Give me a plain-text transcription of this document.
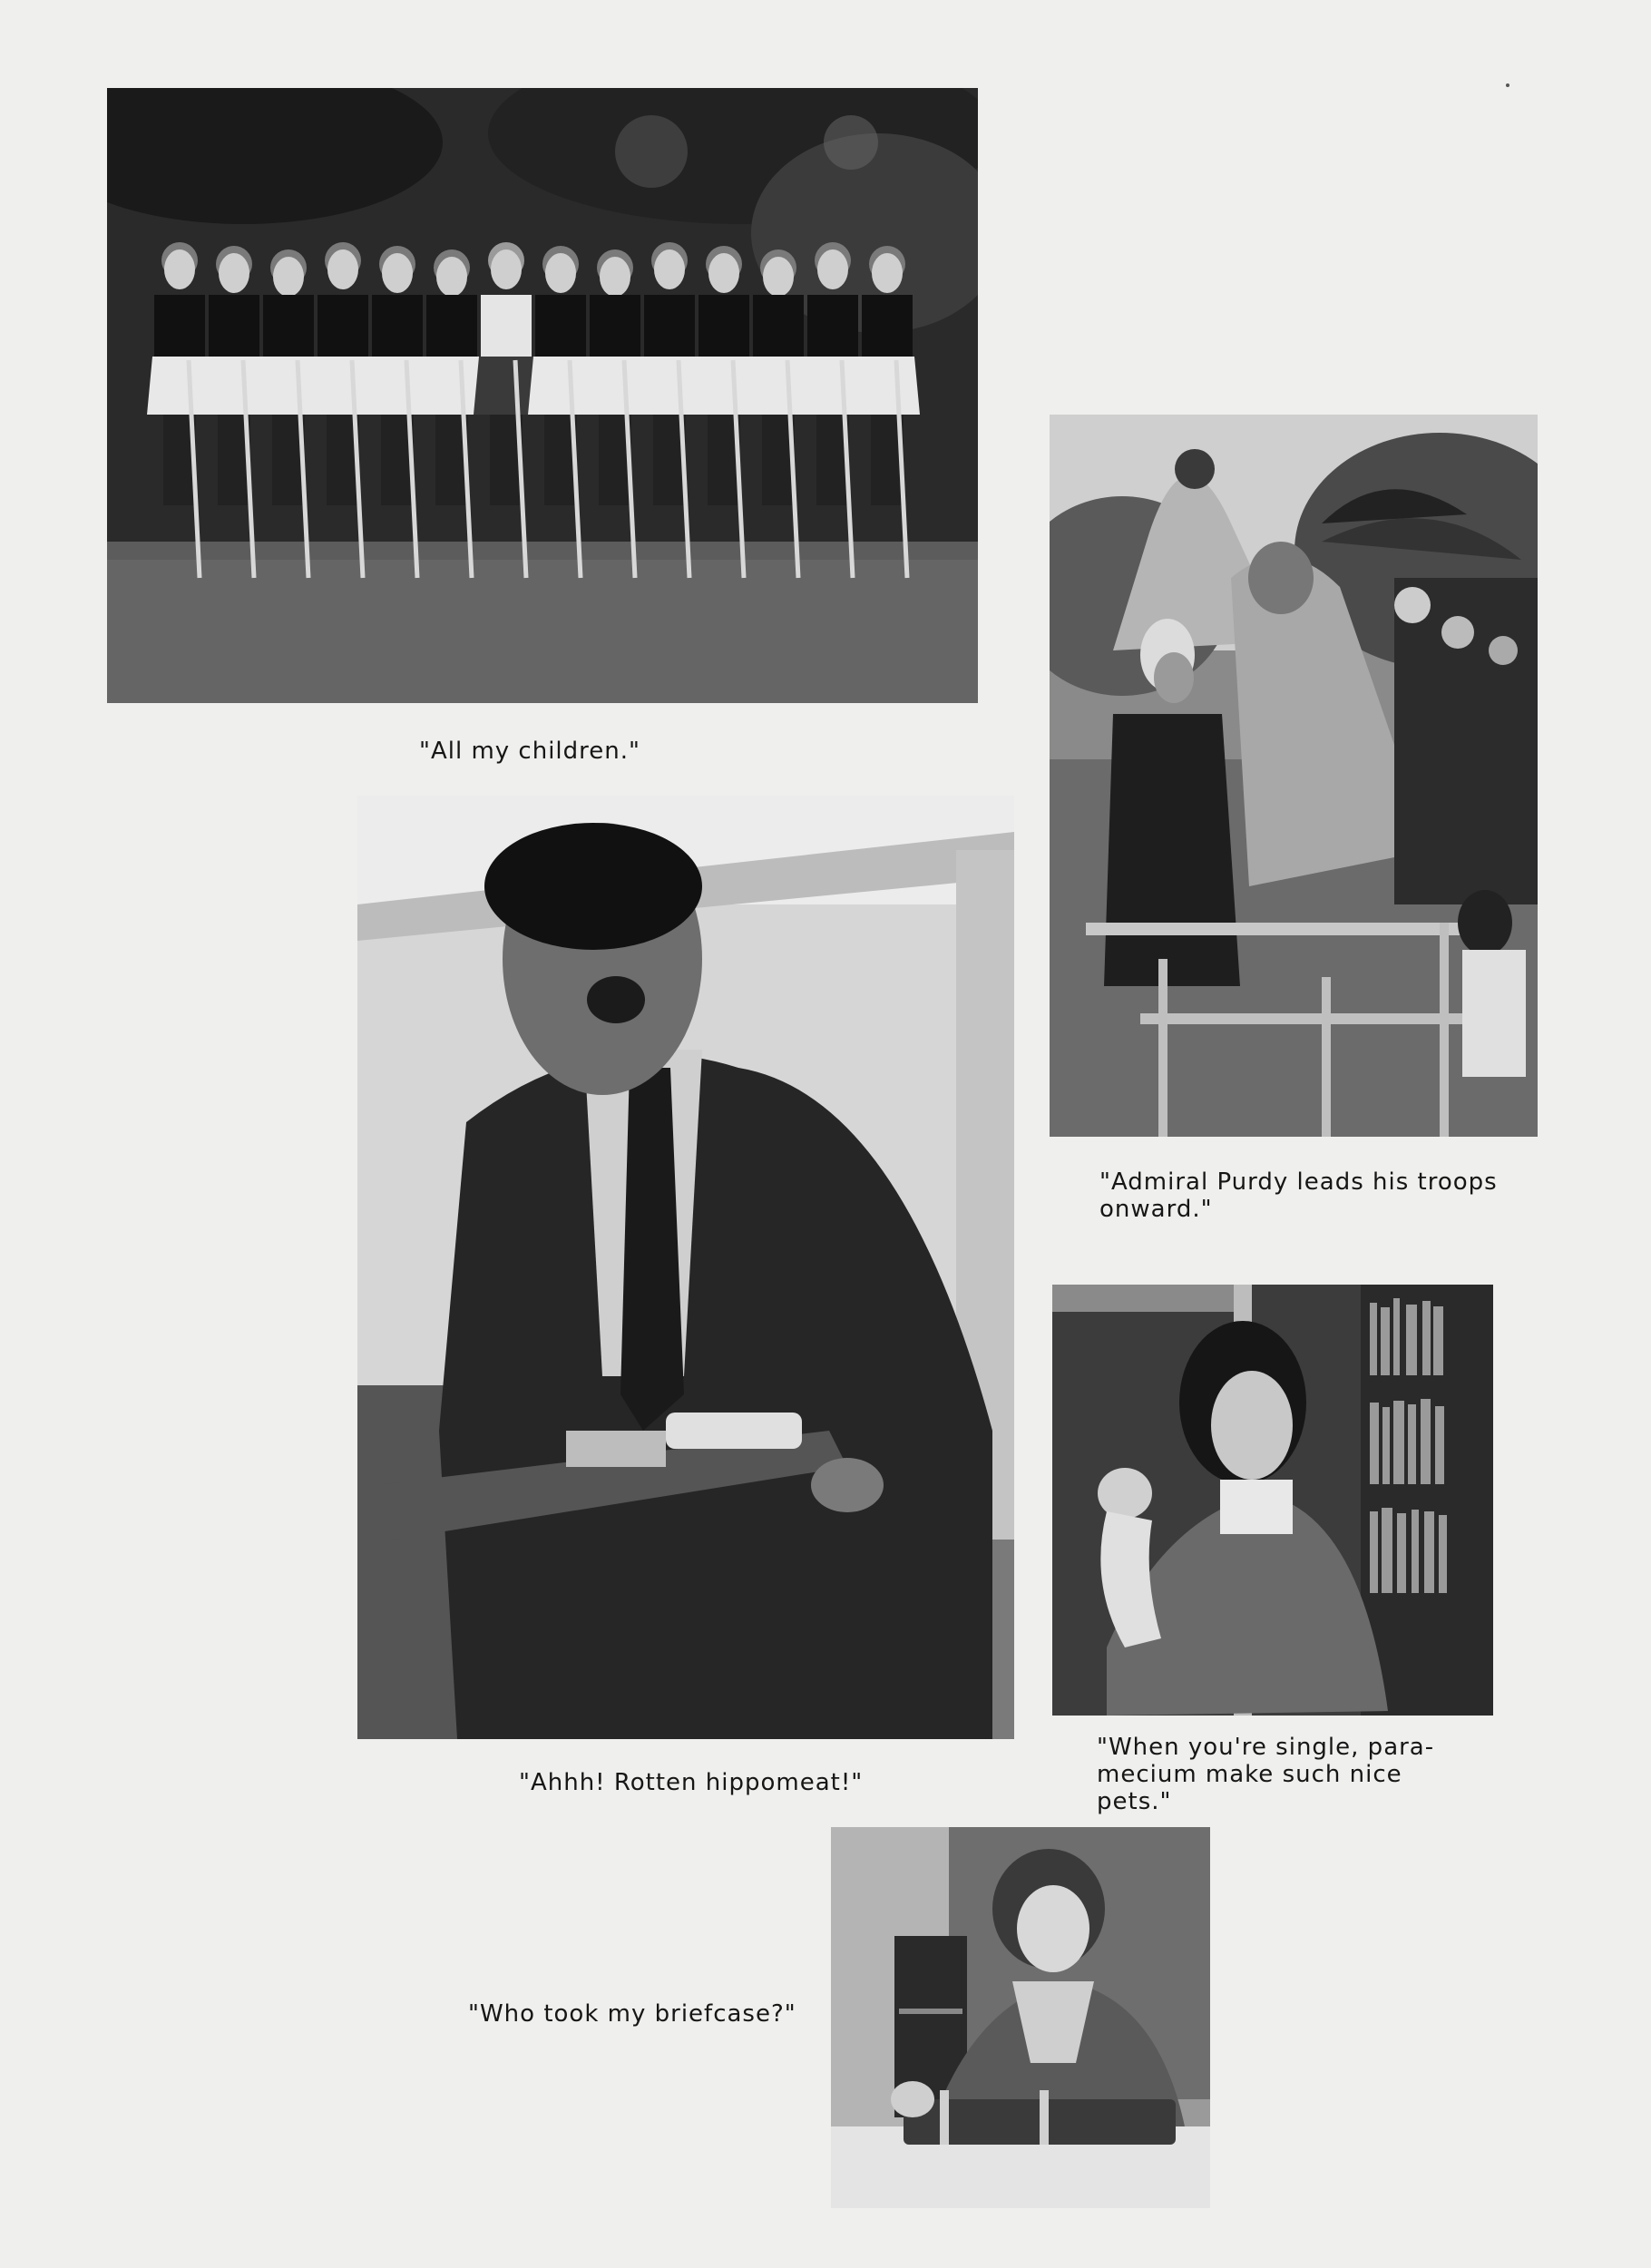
"All my children."
"Admiral Purdy leads his troops
onward."
"Ahhh! Rotten hippomeat!"
"When you're single, para-
mecium make such nice
pets."
"Who took my briefcase?"
